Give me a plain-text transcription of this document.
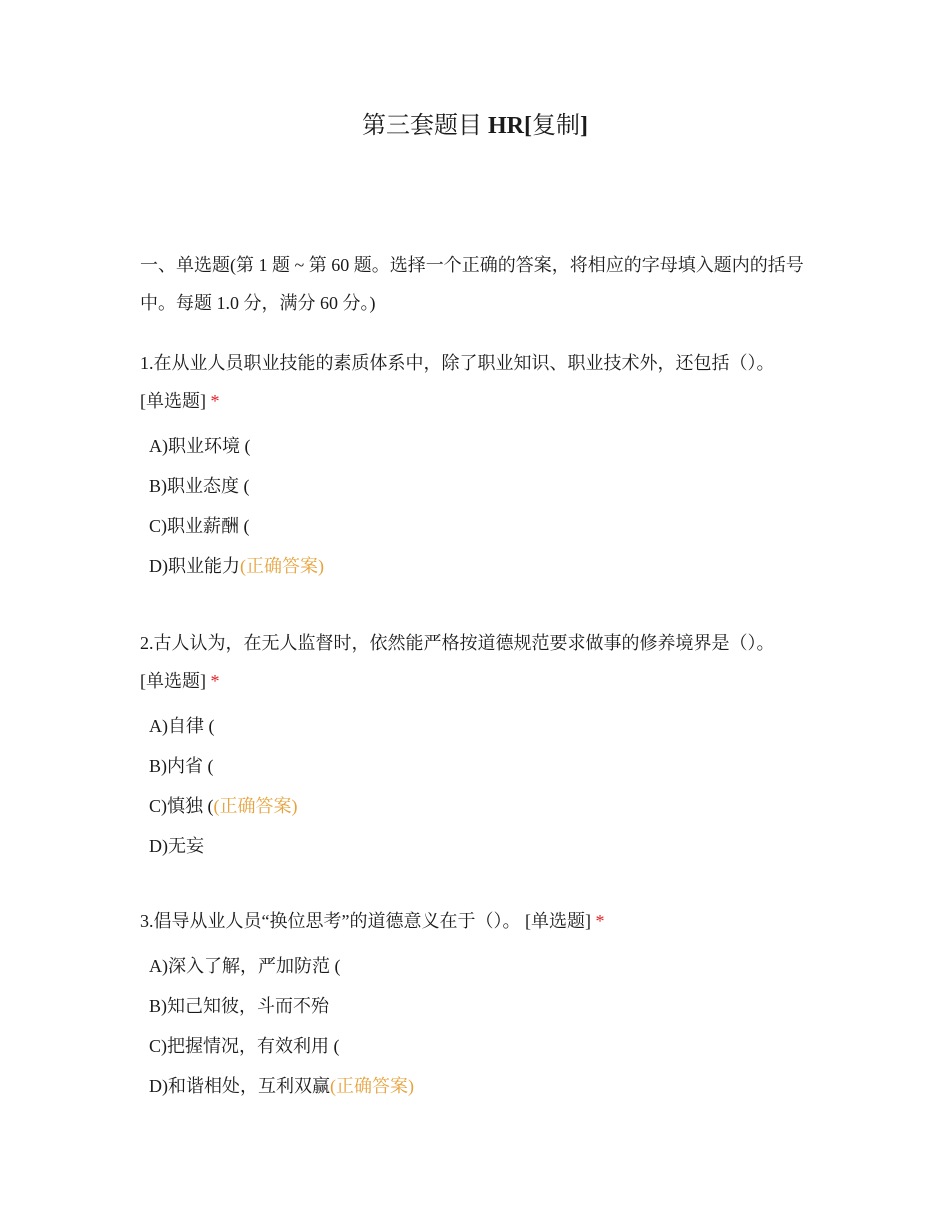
第三套题目 HR[复制]

一、单选题(第 1 题 ~ 第 60 题。选择一个正确的答案，将相应的字母填入题内的括号中。每题 1.0 分，满分 60 分。)

1.在从业人员职业技能的素质体系中，除了职业知识、职业技术外，还包括（）。
[单选题] *

A)职业环境 (
B)职业态度 (
C)职业薪酬 (
D)职业能力(正确答案)

2.古人认为，在无人监督时，依然能严格按道德规范要求做事的修养境界是（）。
[单选题] *

A)自律 (
B)内省 (
C)慎独 ((正确答案)
D)无妄

3.倡导从业人员“换位思考”的道德意义在于（）。 [单选题] *

A)深入了解，严加防范 (
B)知己知彼，斗而不殆
C)把握情况，有效利用 (
D)和谐相处，互利双赢(正确答案)
